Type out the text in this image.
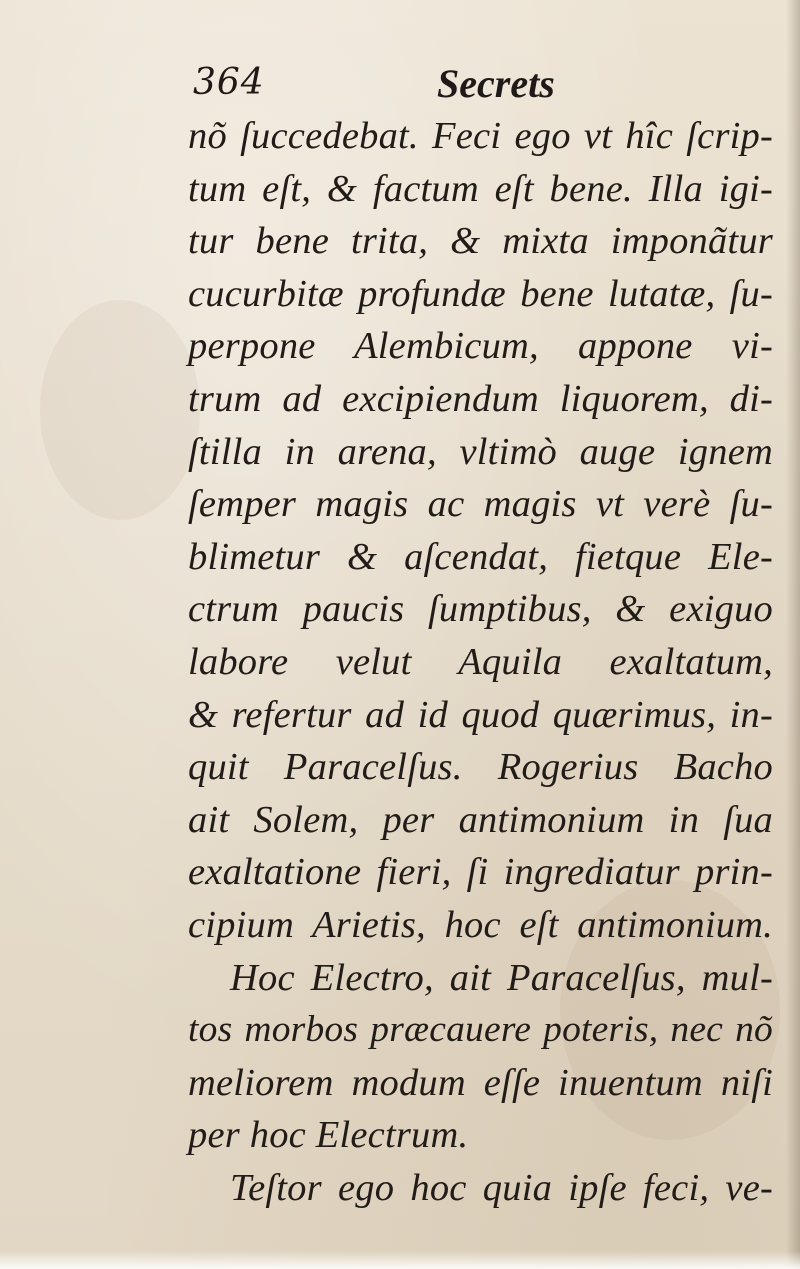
364	Secrets
nõ ſuccedebat. Feci ego vt hîc ſcrip-
tum eſt, & factum eſt bene. Illa igi-
tur bene trita, & mixta imponãtur
cucurbitæ profundæ bene lutatæ, ſu-
perpone Alembicum, appone vi-
trum ad excipiendum liquorem, di-
ſtilla in arena, vltimò auge ignem
ſemper magis ac magis vt verè ſu-
blimetur & aſcendat, fietque Ele-
ctrum paucis ſumptibus, & exiguo
labore velut Aquila exaltatum,
& refertur ad id quod quærimus, in-
quit Paracelſus. Rogerius Bacho
ait Solem, per antimonium in ſua
exaltatione fieri, ſi ingrediatur prin-
cipium Arietis, hoc eſt antimonium.
Hoc Electro, ait Paracelſus, mul-
tos morbos præcauere poteris, nec nõ
meliorem modum eſſe inuentum niſi
per hoc Electrum.
Teſtor ego hoc quia ipſe feci, ve-
